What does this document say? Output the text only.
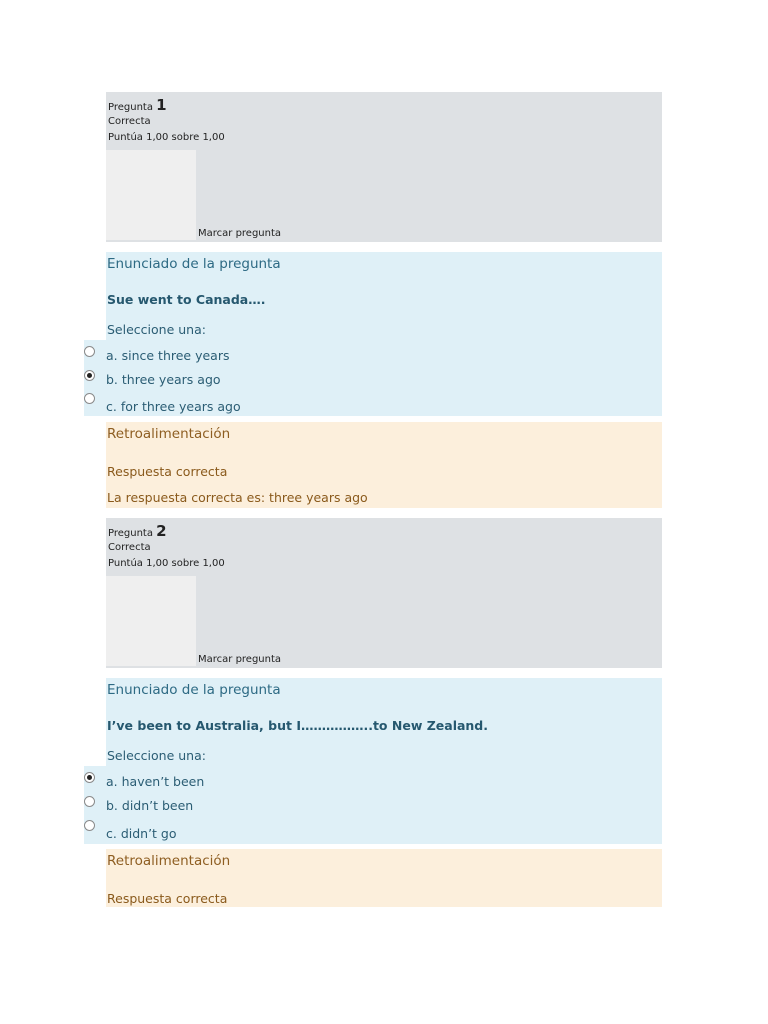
Pregunta 1
Correcta
Puntúa 1,00 sobre 1,00
Marcar pregunta
Enunciado de la pregunta
Sue went to Canada….
Seleccione una:
a. since three years
b. three years ago
c. for three years ago
Retroalimentación
Respuesta correcta
La respuesta correcta es: three years ago
Pregunta 2
Correcta
Puntúa 1,00 sobre 1,00
Marcar pregunta
Enunciado de la pregunta
I’ve been to Australia, but I……………..to New Zealand.
Seleccione una:
a. haven’t been
b. didn’t been
c. didn’t go
Retroalimentación
Respuesta correcta
